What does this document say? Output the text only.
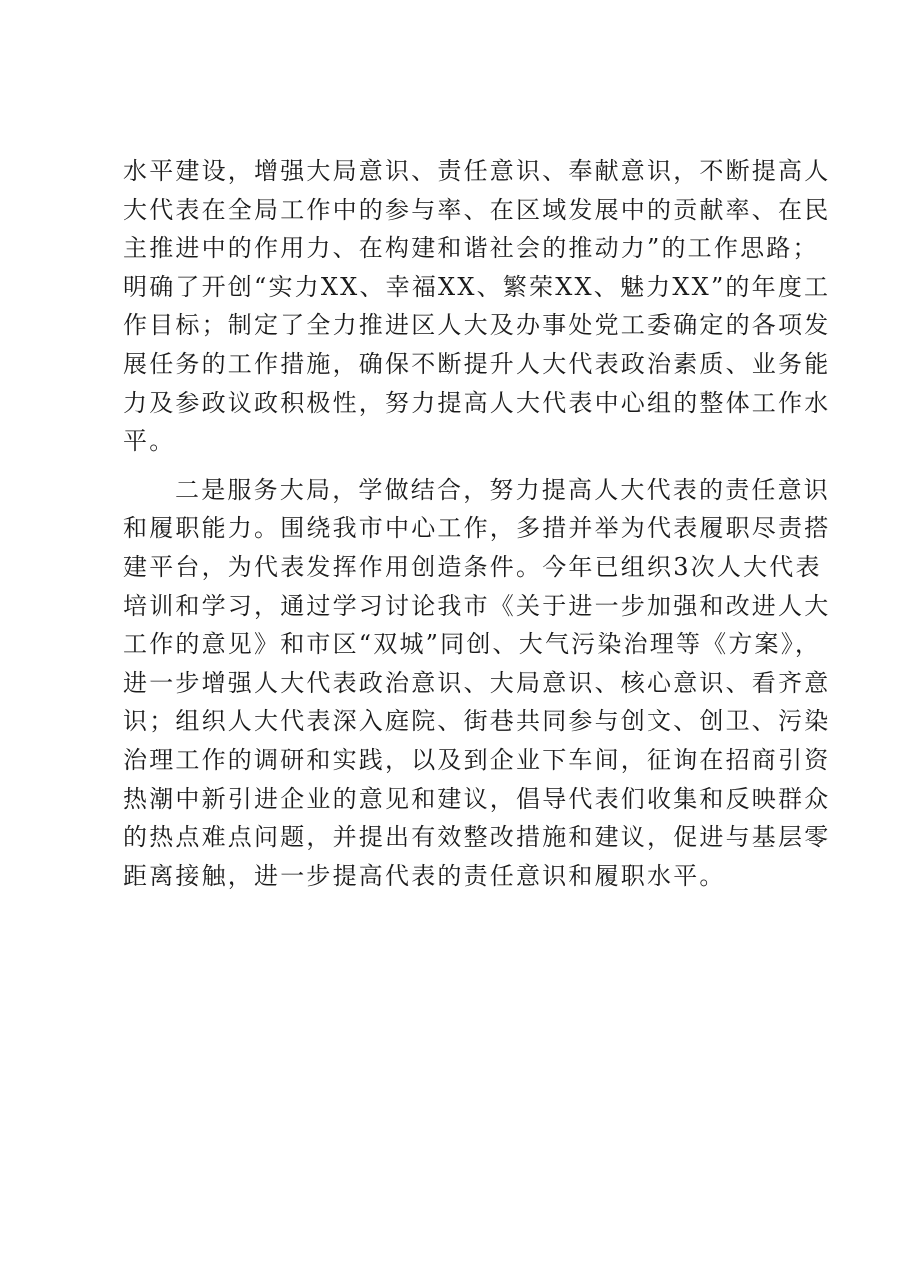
水平建设，增强大局意识、责任意识、奉献意识，不断提高人
大代表在全局工作中的参与率、在区域发展中的贡献率、在民
主推进中的作用力、在构建和谐社会的推动力”的工作思路；
明确了开创“实力XX、幸福XX、繁荣XX、魅力XX”的年度工
作目标；制定了全力推进区人大及办事处党工委确定的各项发
展任务的工作措施，确保不断提升人大代表政治素质、业务能
力及参政议政积极性，努力提高人大代表中心组的整体工作水
平。
二是服务大局，学做结合，努力提高人大代表的责任意识
和履职能力。围绕我市中心工作，多措并举为代表履职尽责搭
建平台，为代表发挥作用创造条件。今年已组织3次人大代表
培训和学习，通过学习讨论我市《关于进一步加强和改进人大
工作的意见》和市区“双城”同创、大气污染治理等《方案》，
进一步增强人大代表政治意识、大局意识、核心意识、看齐意
识；组织人大代表深入庭院、街巷共同参与创文、创卫、污染
治理工作的调研和实践，以及到企业下车间，征询在招商引资
热潮中新引进企业的意见和建议，倡导代表们收集和反映群众
的热点难点问题，并提出有效整改措施和建议，促进与基层零
距离接触，进一步提高代表的责任意识和履职水平。
